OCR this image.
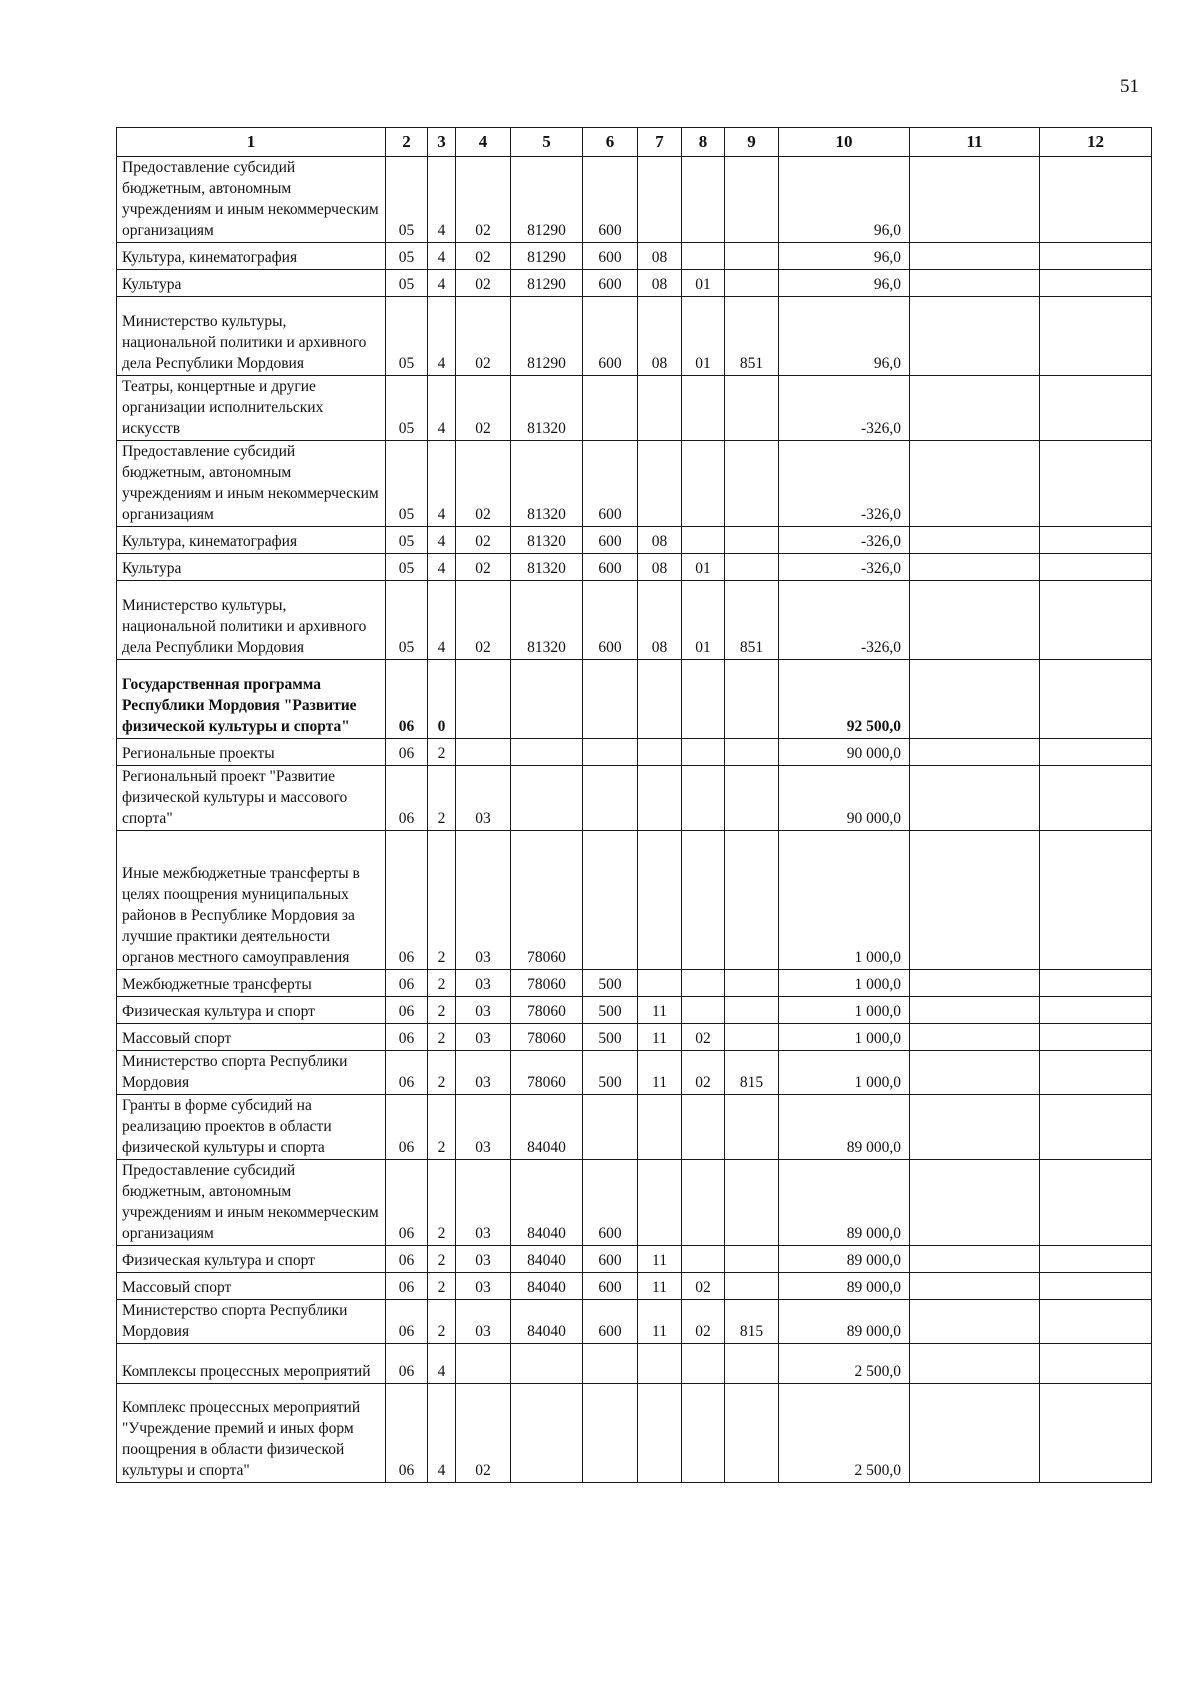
51
1	2	3	4	5	6	7	8	9	10	11	12
Предоставление субсидий бюджетным, автономным учреждениям и иным некоммерческим организациям	05	4	02	81290	600				96,0		
Культура, кинематография	05	4	02	81290	600	08			96,0		
Культура	05	4	02	81290	600	08	01		96,0		
Министерство культуры, национальной политики и архивного дела Республики Мордовия	05	4	02	81290	600	08	01	851	96,0		
Театры, концертные и другие организации исполнительских искусств	05	4	02	81320					-326,0		
Предоставление субсидий бюджетным, автономным учреждениям и иным некоммерческим организациям	05	4	02	81320	600				-326,0		
Культура, кинематография	05	4	02	81320	600	08			-326,0		
Культура	05	4	02	81320	600	08	01		-326,0		
Министерство культуры, национальной политики и архивного дела Республики Мордовия	05	4	02	81320	600	08	01	851	-326,0		
Государственная программа Республики Мордовия "Развитие физической культуры и спорта"	06	0							92 500,0		
Региональные проекты	06	2							90 000,0		
Региональный проект "Развитие физической культуры и массового спорта"	06	2	03						90 000,0		
Иные межбюджетные трансферты в целях поощрения муниципальных районов в Республике Мордовия за лучшие практики деятельности органов местного самоуправления	06	2	03	78060					1 000,0		
Межбюджетные трансферты	06	2	03	78060	500				1 000,0		
Физическая культура и спорт	06	2	03	78060	500	11			1 000,0		
Массовый спорт	06	2	03	78060	500	11	02		1 000,0		
Министерство спорта Республики Мордовия	06	2	03	78060	500	11	02	815	1 000,0		
Гранты в форме субсидий на реализацию проектов в области физической культуры и спорта	06	2	03	84040					89 000,0		
Предоставление субсидий бюджетным, автономным учреждениям и иным некоммерческим организациям	06	2	03	84040	600				89 000,0		
Физическая культура и спорт	06	2	03	84040	600	11			89 000,0		
Массовый спорт	06	2	03	84040	600	11	02		89 000,0		
Министерство спорта Республики Мордовия	06	2	03	84040	600	11	02	815	89 000,0		
Комплексы процессных мероприятий	06	4							2 500,0		
Комплекс процессных мероприятий "Учреждение премий и иных форм поощрения в области физической культуры и спорта"	06	4	02						2 500,0		
